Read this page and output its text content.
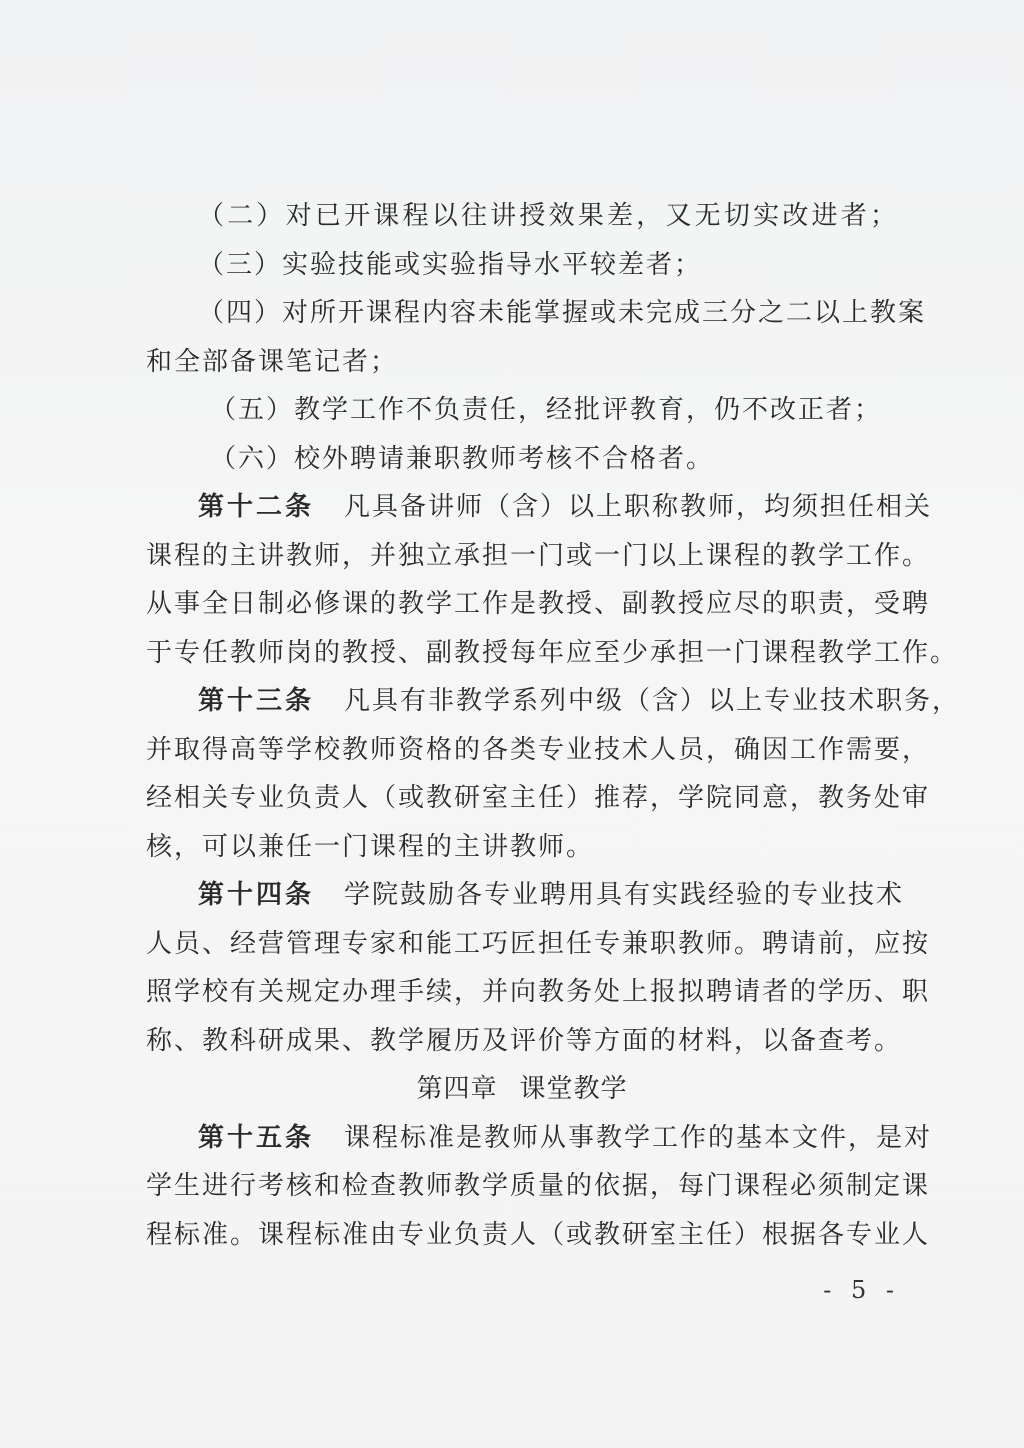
（二）对已开课程以往讲授效果差，又无切实改进者；
（三）实验技能或实验指导水平较差者；
（四）对所开课程内容未能掌握或未完成三分之二以上教案
和全部备课笔记者；
（五）教学工作不负责任，经批评教育，仍不改正者；
（六）校外聘请兼职教师考核不合格者。
第十二条 凡具备讲师（含）以上职称教师，均须担任相关
课程的主讲教师，并独立承担一门或一门以上课程的教学工作。
从事全日制必修课的教学工作是教授、副教授应尽的职责，受聘
于专任教师岗的教授、副教授每年应至少承担一门课程教学工作。
第十三条 凡具有非教学系列中级（含）以上专业技术职务，
并取得高等学校教师资格的各类专业技术人员，确因工作需要，
经相关专业负责人（或教研室主任）推荐，学院同意，教务处审
核，可以兼任一门课程的主讲教师。
第十四条 学院鼓励各专业聘用具有实践经验的专业技术
人员、经营管理专家和能工巧匠担任专兼职教师。聘请前，应按
照学校有关规定办理手续，并向教务处上报拟聘请者的学历、职
称、教科研成果、教学履历及评价等方面的材料，以备查考。
第四章 课堂教学
第十五条 课程标准是教师从事教学工作的基本文件，是对
学生进行考核和检查教师教学质量的依据，每门课程必须制定课
程标准。课程标准由专业负责人（或教研室主任）根据各专业人
- 5 -
